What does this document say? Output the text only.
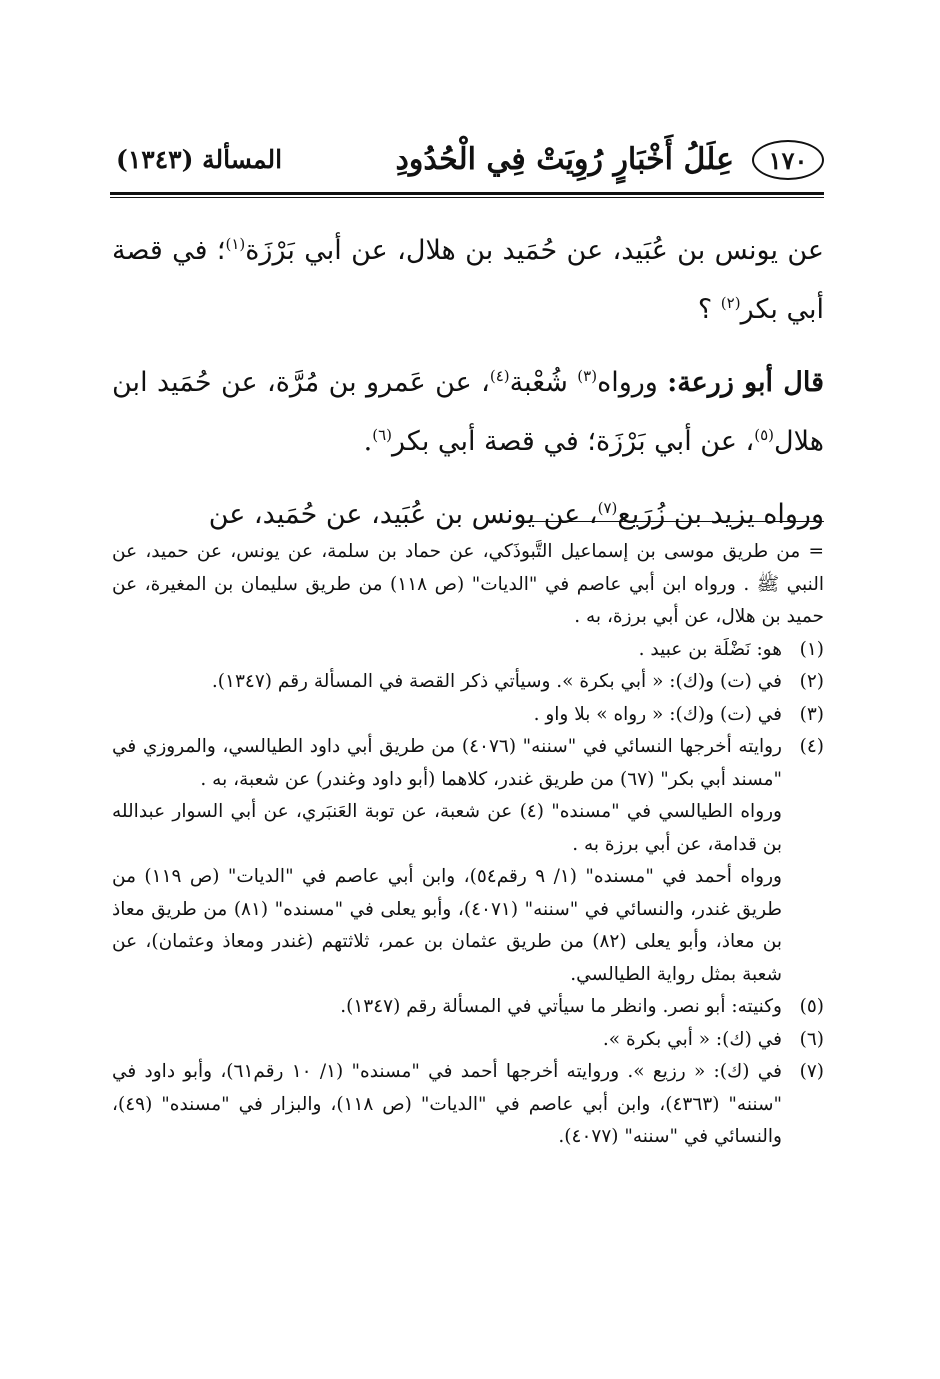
١٧٠
عِلَلُ أَخْبَارٍ رُوِيَتْ فِي الْحُدُودِ
المسألة (١٣٤٣)

عن يونس بن عُبَيد، عن حُمَيد بن هلال، عن أبي بَرْزَة$^{(١)}$؛ في قصة أبي بكر$^{(٢)}$ ؟

قال أبو زرعة: ورواه$^{(٣)}$ شُعْبة$^{(٤)}$، عن عَمرو بن مُرَّة، عن حُمَيد ابن هلال$^{(٥)}$، عن أبي بَرْزَة؛ في قصة أبي بكر$^{(٦)}$.

ورواه يزيد بن زُرَيع$^{(٧)}$، عن يونس بن عُبَيد، عن حُمَيد، عن

= من طريق موسى بن إسماعيل التَّبوذَكي، عن حماد بن سلمة، عن يونس، عن حميد، عن النبي ﷺ . ورواه ابن أبي عاصم في "الديات" (ص ١١٨) من طريق سليمان بن المغيرة، عن حميد بن هلال، عن أبي برزة، به .

(١)

هو: نَضْلَة بن عبيد .

(٢)

في (ت) و(ك): « أبي بكرة ». وسيأتي ذكر القصة في المسألة رقم (١٣٤٧).

(٣)

في (ت) و(ك): « رواه » بلا واو .

(٤)

روايته أخرجها النسائي في "سننه" (٤٠٧٦) من طريق أبي داود الطيالسي، والمروزي في "مسند أبي بكر" (٦٧) من طريق غندر، كلاهما (أبو داود وغندر) عن شعبة، به .

ورواه الطيالسي في "مسنده" (٤) عن شعبة، عن توبة العَنبَري، عن أبي السوار عبدالله بن قدامة، عن أبي برزة به .

ورواه أحمد في "مسنده" (١/ ٩ رقم٥٤)، وابن أبي عاصم في "الديات" (ص ١١٩) من طريق غندر، والنسائي في "سننه" (٤٠٧١)، وأبو يعلى في "مسنده" (٨١) من طريق معاذ بن معاذ، وأبو يعلى (٨٢) من طريق عثمان بن عمر، ثلاثتهم (غندر ومعاذ وعثمان)، عن شعبة بمثل رواية الطيالسي.

(٥)

وكنيته: أبو نصر. وانظر ما سيأتي في المسألة رقم (١٣٤٧).

(٦)

في (ك): « أبي بكرة ».

(٧)

في (ك): « رزيع ». وروايته أخرجها أحمد في "مسنده" (١/ ١٠ رقم٦١)، وأبو داود في "سننه" (٤٣٦٣)، وابن أبي عاصم في "الديات" (ص ١١٨)، والبزار في "مسنده" (٤٩)، والنسائي في "سننه" (٤٠٧٧).
